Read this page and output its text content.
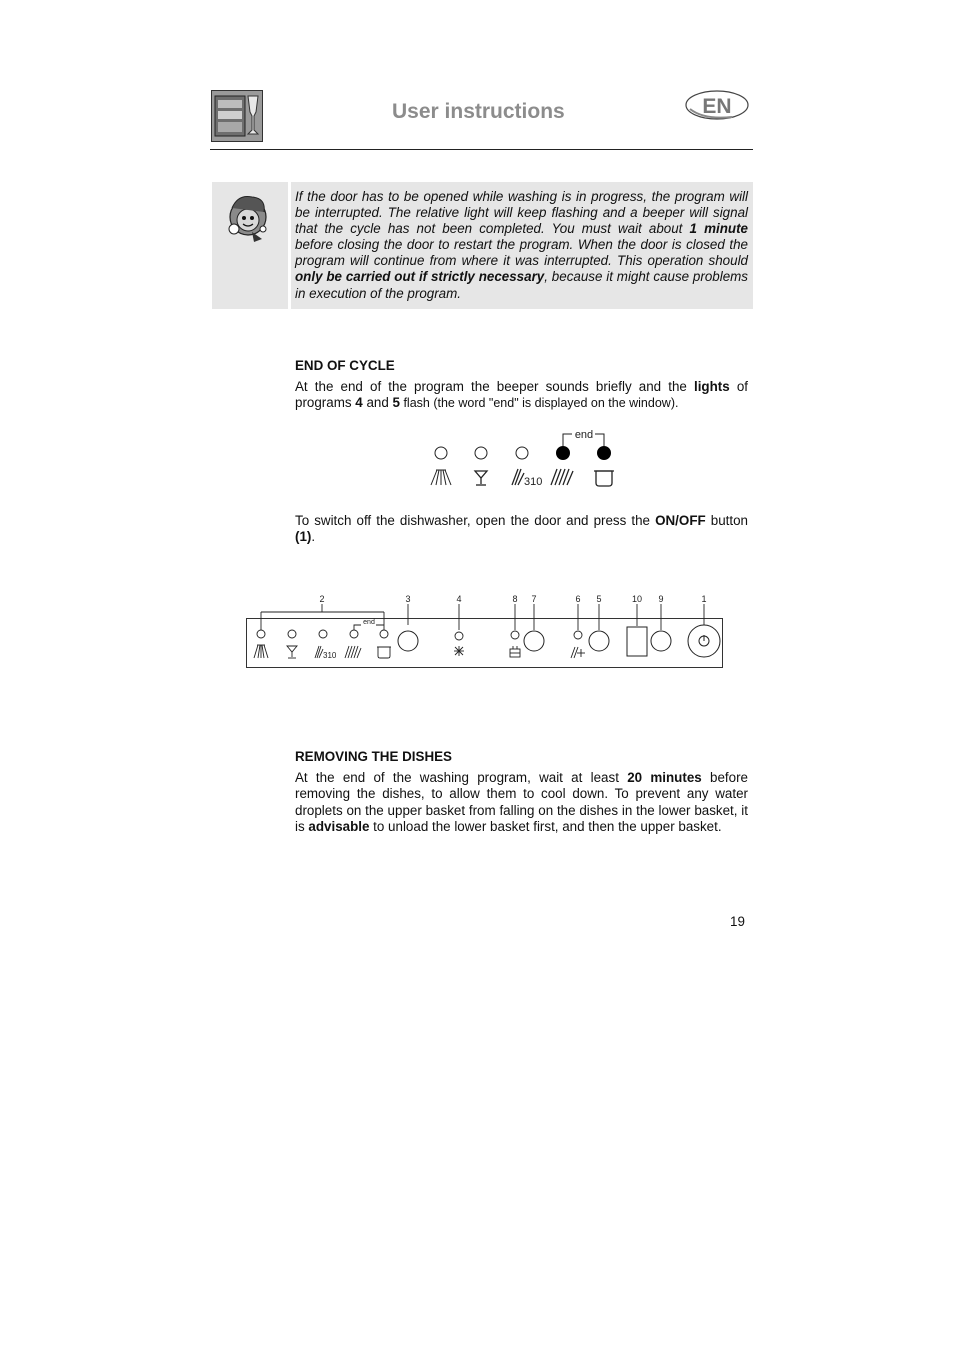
User instructions	EN
If the door has to be opened while washing is in progress, the program will be interrupted. The relative light will keep flashing and a beeper will signal that the cycle has not been completed. You must wait about 1 minute before closing the door to restart the program. When the door is closed the program will continue from where it was interrupted. This operation should only be carried out if strictly necessary, because it might cause problems in execution of the program.
END OF CYCLE
At the end of the program the beeper sounds briefly and the lights of programs 4 and 5 flash (the word "end" is displayed on the window).
end
310
To switch off the dishwasher, open the door and press the ON/OFF button (1).
2	3	4	8 7	6 5	10 9	1
end
310
REMOVING THE DISHES
At the end of the washing program, wait at least 20 minutes before removing the dishes, to allow them to cool down. To prevent any water droplets on the upper basket from falling on the dishes in the lower basket, it is advisable to unload the lower basket first, and then the upper basket.
19
